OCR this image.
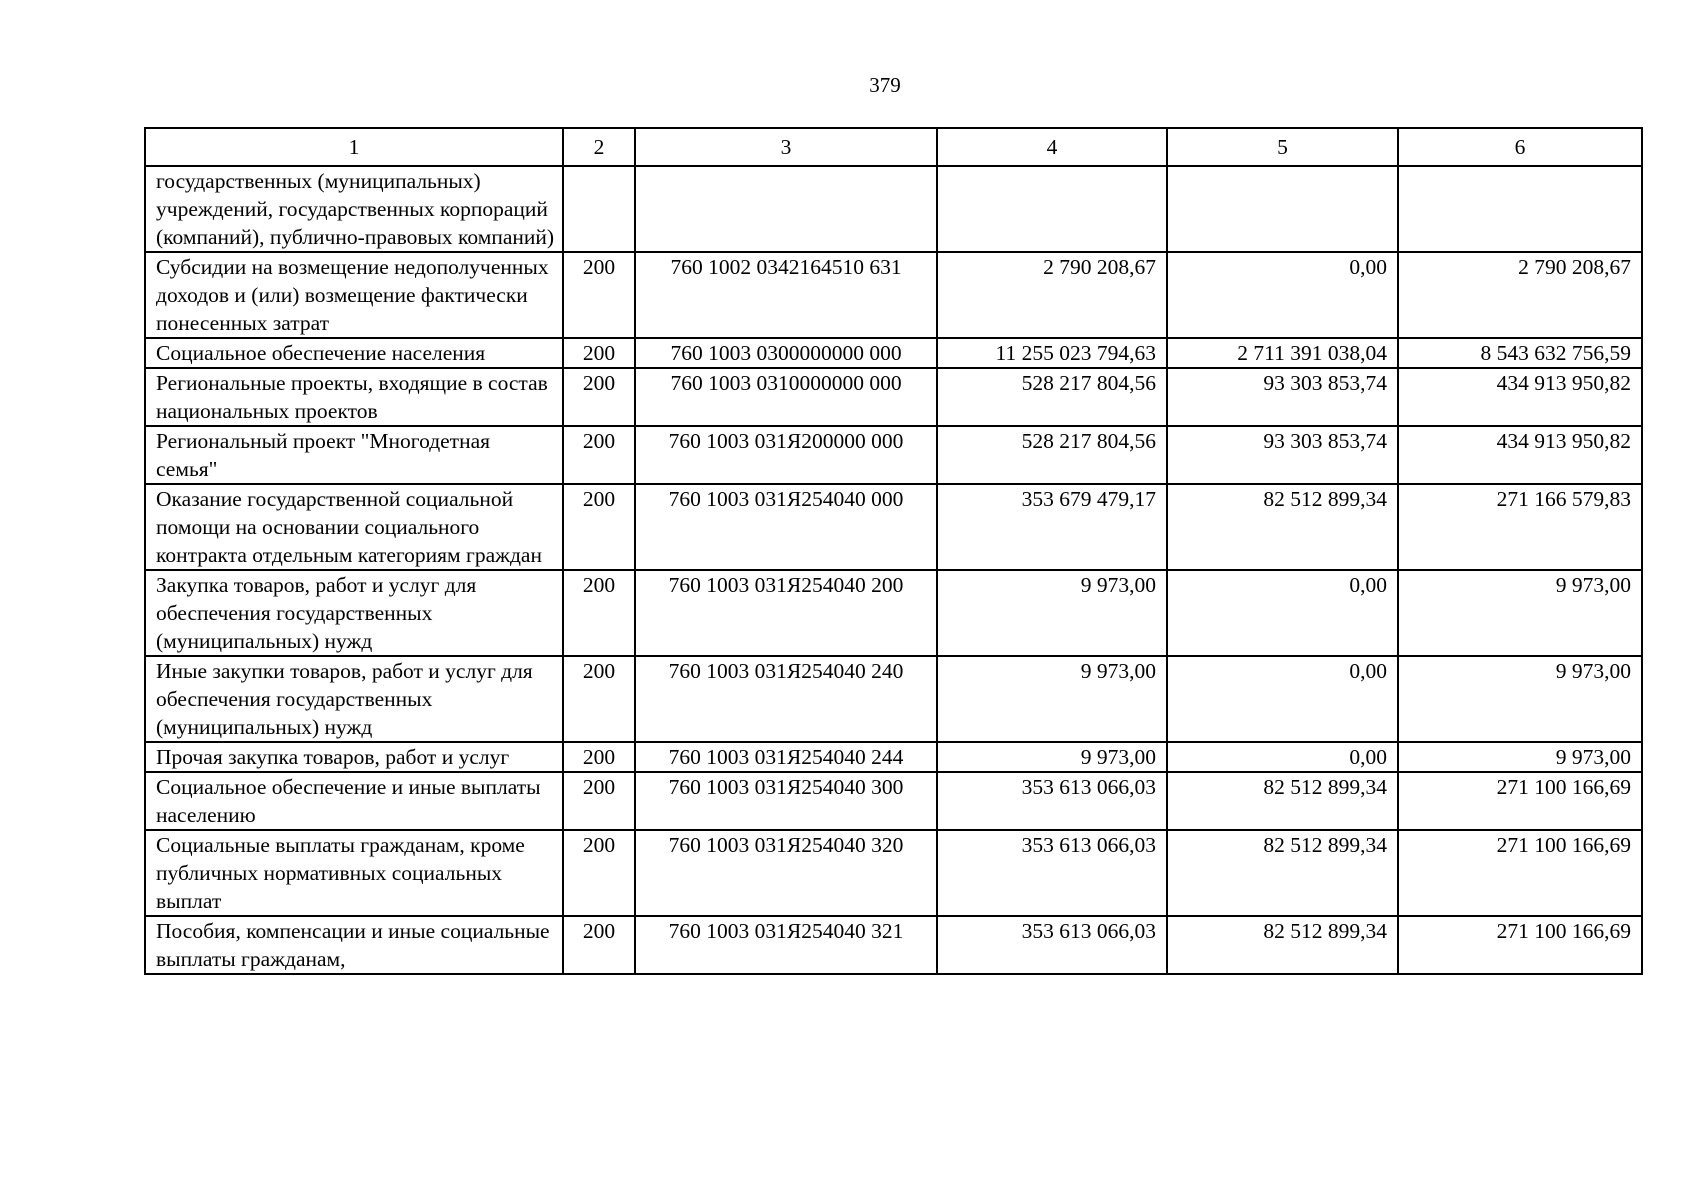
379
1	2	3	4	5	6
государственных (муниципальных) учреждений, государственных корпораций (компаний), публично-правовых компаний)					
Субсидии на возмещение недополученных доходов и (или) возмещение фактически понесенных затрат	200	760 1002 0342164510 631	2 790 208,67	0,00	2 790 208,67
Социальное обеспечение населения	200	760 1003 0300000000 000	11 255 023 794,63	2 711 391 038,04	8 543 632 756,59
Региональные проекты, входящие в состав национальных проектов	200	760 1003 0310000000 000	528 217 804,56	93 303 853,74	434 913 950,82
Региональный проект "Многодетная семья"	200	760 1003 031Я200000 000	528 217 804,56	93 303 853,74	434 913 950,82
Оказание государственной социальной помощи на основании социального контракта отдельным категориям граждан	200	760 1003 031Я254040 000	353 679 479,17	82 512 899,34	271 166 579,83
Закупка товаров, работ и услуг для обеспечения государственных (муниципальных) нужд	200	760 1003 031Я254040 200	9 973,00	0,00	9 973,00
Иные закупки товаров, работ и услуг для обеспечения государственных (муниципальных) нужд	200	760 1003 031Я254040 240	9 973,00	0,00	9 973,00
Прочая закупка товаров, работ и услуг	200	760 1003 031Я254040 244	9 973,00	0,00	9 973,00
Социальное обеспечение и иные выплаты населению	200	760 1003 031Я254040 300	353 613 066,03	82 512 899,34	271 100 166,69
Социальные выплаты гражданам, кроме публичных нормативных социальных выплат	200	760 1003 031Я254040 320	353 613 066,03	82 512 899,34	271 100 166,69
Пособия, компенсации и иные социальные выплаты гражданам,	200	760 1003 031Я254040 321	353 613 066,03	82 512 899,34	271 100 166,69
